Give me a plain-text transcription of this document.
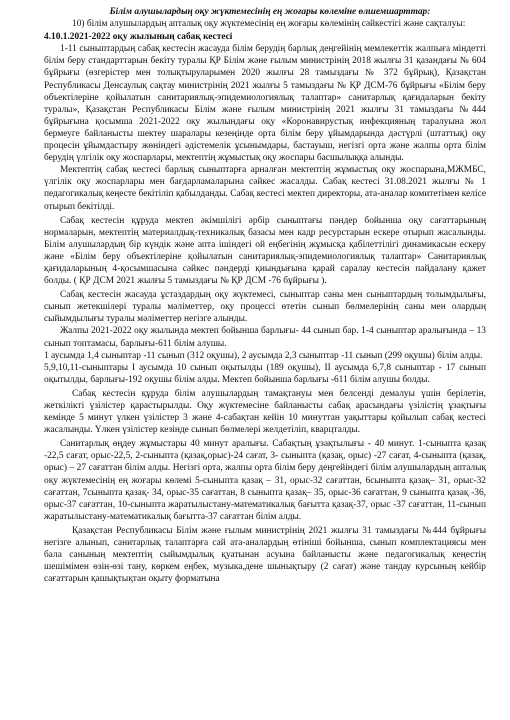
Білім алушылардың оқу жүктемесінің ең жоғары көлеміне өлшемшарттар:

10) білім алушылардың апталық оқу жүктемесінің ең жоғары көлемінің сәйкестігі және сақталуы:

4.10.1.2021-2022 оқу жылының сабақ кестесі

1-11 сыныптардың сабақ кестесін жасауда білім берудің барлық деңгейінің мемлекеттік жалпыға міндетті білім беру стандарттарын бекіту туралы ҚР Білім және ғылым министрінің 2018 жылғы 31 қазандағы № 604 бұйрығы (өзгерістер мен толықтыруларымен 2020 жылғы 28 тамыздағы № 372 бұйрық), Қазақстан Республикасы Денсаулық сақтау министрінің 2021 жылғы 5 тамыздағы № ҚР ДСМ-76 бұйрығы «Білім беру объектілеріне қойылатын санитариялық-эпидемиологиялық талаптар» санитарлық қағидаларын бекіту туралы», Қазақстан Республикасы Білім және ғылым министрінің 2021 жылғы 31 тамыздағы №444 бұйрығына қосымша 2021-2022 оқу жылындағы оқу «Коронавирустық инфекцияның таралуына жол бермеуге байланысты шектеу шаралары кезеңінде орта білім беру ұйымдарында дәстүрлі (штаттық) оқу процесін ұйымдастыру жөніндегі әдістемелік ұсынымдары, бастауыш, негізгі орта және жалпы орта білім берудің үлгілік оқу жоспарлары, мектептің жұмыстық оқу жоспары басшылыққа алынды.

Мектептің сабақ кестесі барлық сыныптарға арналған мектептің жұмыстық оқу жоспарына,МЖМБС, үлгілік оқу жоспарлары мен бағдарламаларына сәйкес жасалды. Сабақ кестесі 31.08.2021 жылғы № 1 педагогикалық кеңесте бекітіліп қабылданды. Сабақ кестесі мектеп директоры, ата-аналар комитетімен келісе отырып бекітілді.

Сабақ кестесін құруда мектеп әкімшілігі әрбір сыныптағы пәндер бойынша оқу сағаттарының нормаларын, мектептің материалдық-техникалық базасы мен кадр ресурстарын ескере отырып жасалынды. Білім алушылардың бір күндік және апта ішіндегі ой еңбегінің жұмысқа қабілеттілігі динамикасын ескеру және «Білім беру объектілеріне қойылатын санитариялық-эпидемиологиялық талаптар» Санитариялық қағидаларының 4-қосымшасына сәйкес пәндерді қиындығына қарай саралау кестесін пайдалану қажет болды. ( ҚР ДСМ 2021 жылғы 5 тамыздағы № ҚР ДСМ -76 бұйрығы ).

Сабақ кестесін жасауда ұстаздардың оқу жүктемесі, сыныптар саны мен сыныптардың толымдылығы, сынып жетекшілері туралы мәліметтер, оқу процессі өтетін сынып бөлмелерінің саны мен олардың сыйымдылығы туралы мәліметтер негізге алынды.

Жалпы 2021-2022 оқу жылында мектеп бойынша барлығы- 44 сынып бар. 1-4 сыныптар аралығында – 13 сынып топтамасы, барлығы-611 білім алушы.

1 аусымда 1,4 сыныптар -11 сынып (312 оқушы), 2 аусымда 2,3 сыныптар -11 сынып (299 оқушы) білім алды.

5,9,10,11-сыныптары I аусымда 10 сынып оқытылды (189 оқушы), II аусымда 6,7,8 сыныптар - 17 сынып оқытылды, барлығы-192 оқушы білім алды. Мектеп бойынша барлығы -611 білім алушы болды.

Сабақ кестесін құруда білім алушылардың тамақтануы мен белсенді демалуы үшін берілетін, жеткілікті үзілістер қарастырылды. Оқу жүктемесіне байланысты сабақ арасындағы үзілістің ұзақтығы кемінде 5 минут үлкен үзілістер 3 және 4-сабақтан кейін 10 минуттан уақыттары қойылып сабақ кестесі жасалынды. Үлкен үзілістер кезінде сынып бөлмелері желдетіліп, кварцталды.

Санитарлық өңдеу жұмыстары 40 минут аралығы. Сабақтың ұзақтылығы - 40 минут. 1-сыныпта қазақ -22,5 сағат, орыс-22,5, 2-сыныпта (қазақ,орыс)-24 сағат, 3- сыныпта (қазақ, орыс) -27 сағат, 4-сыныпта (қазақ, орыс) – 27 сағаттан білім алды. Негізгі орта, жалпы орта білім беру деңгейіндегі білім алушылардың апталық оқу жүктемесінің ең жоғары көлемі 5-сыныпта қазақ – 31, орыс-32 сағаттан, 6сыныпта қазақ– 31, орыс-32 сағаттан, 7сыныпта қазақ- 34, орыс-35 сағаттан, 8 сыныпта қазақ– 35, орыс-36 сағаттан, 9 сыныпта қазақ -36, орыс-37 сағаттан, 10-сыныпта жаратылыстану-математикалық бағытта қазақ-37, орыс -37 сағаттан, 11-сынып жаратылыстану-математикалық бағытта-37 сағаттан білім алды.

Қазақстан Республикасы Білім және ғылым министрінің 2021 жылғы 31 тамыздағы №444 бұйрығы негізге алынып, санитарлық талаптарға сай ата-аналардың өтініші бойынша, сынып комплектациясы мен бала санының мектептің сыйымдылық қуатынан асуына байланысты және педагогикалық кеңестің шешімімен өзін-өзі тану, көркем еңбек, музыка,дене шынықтыру (2 сағат) және тандау курсының кейбір сағаттарын қашықтықтан оқыту форматына
